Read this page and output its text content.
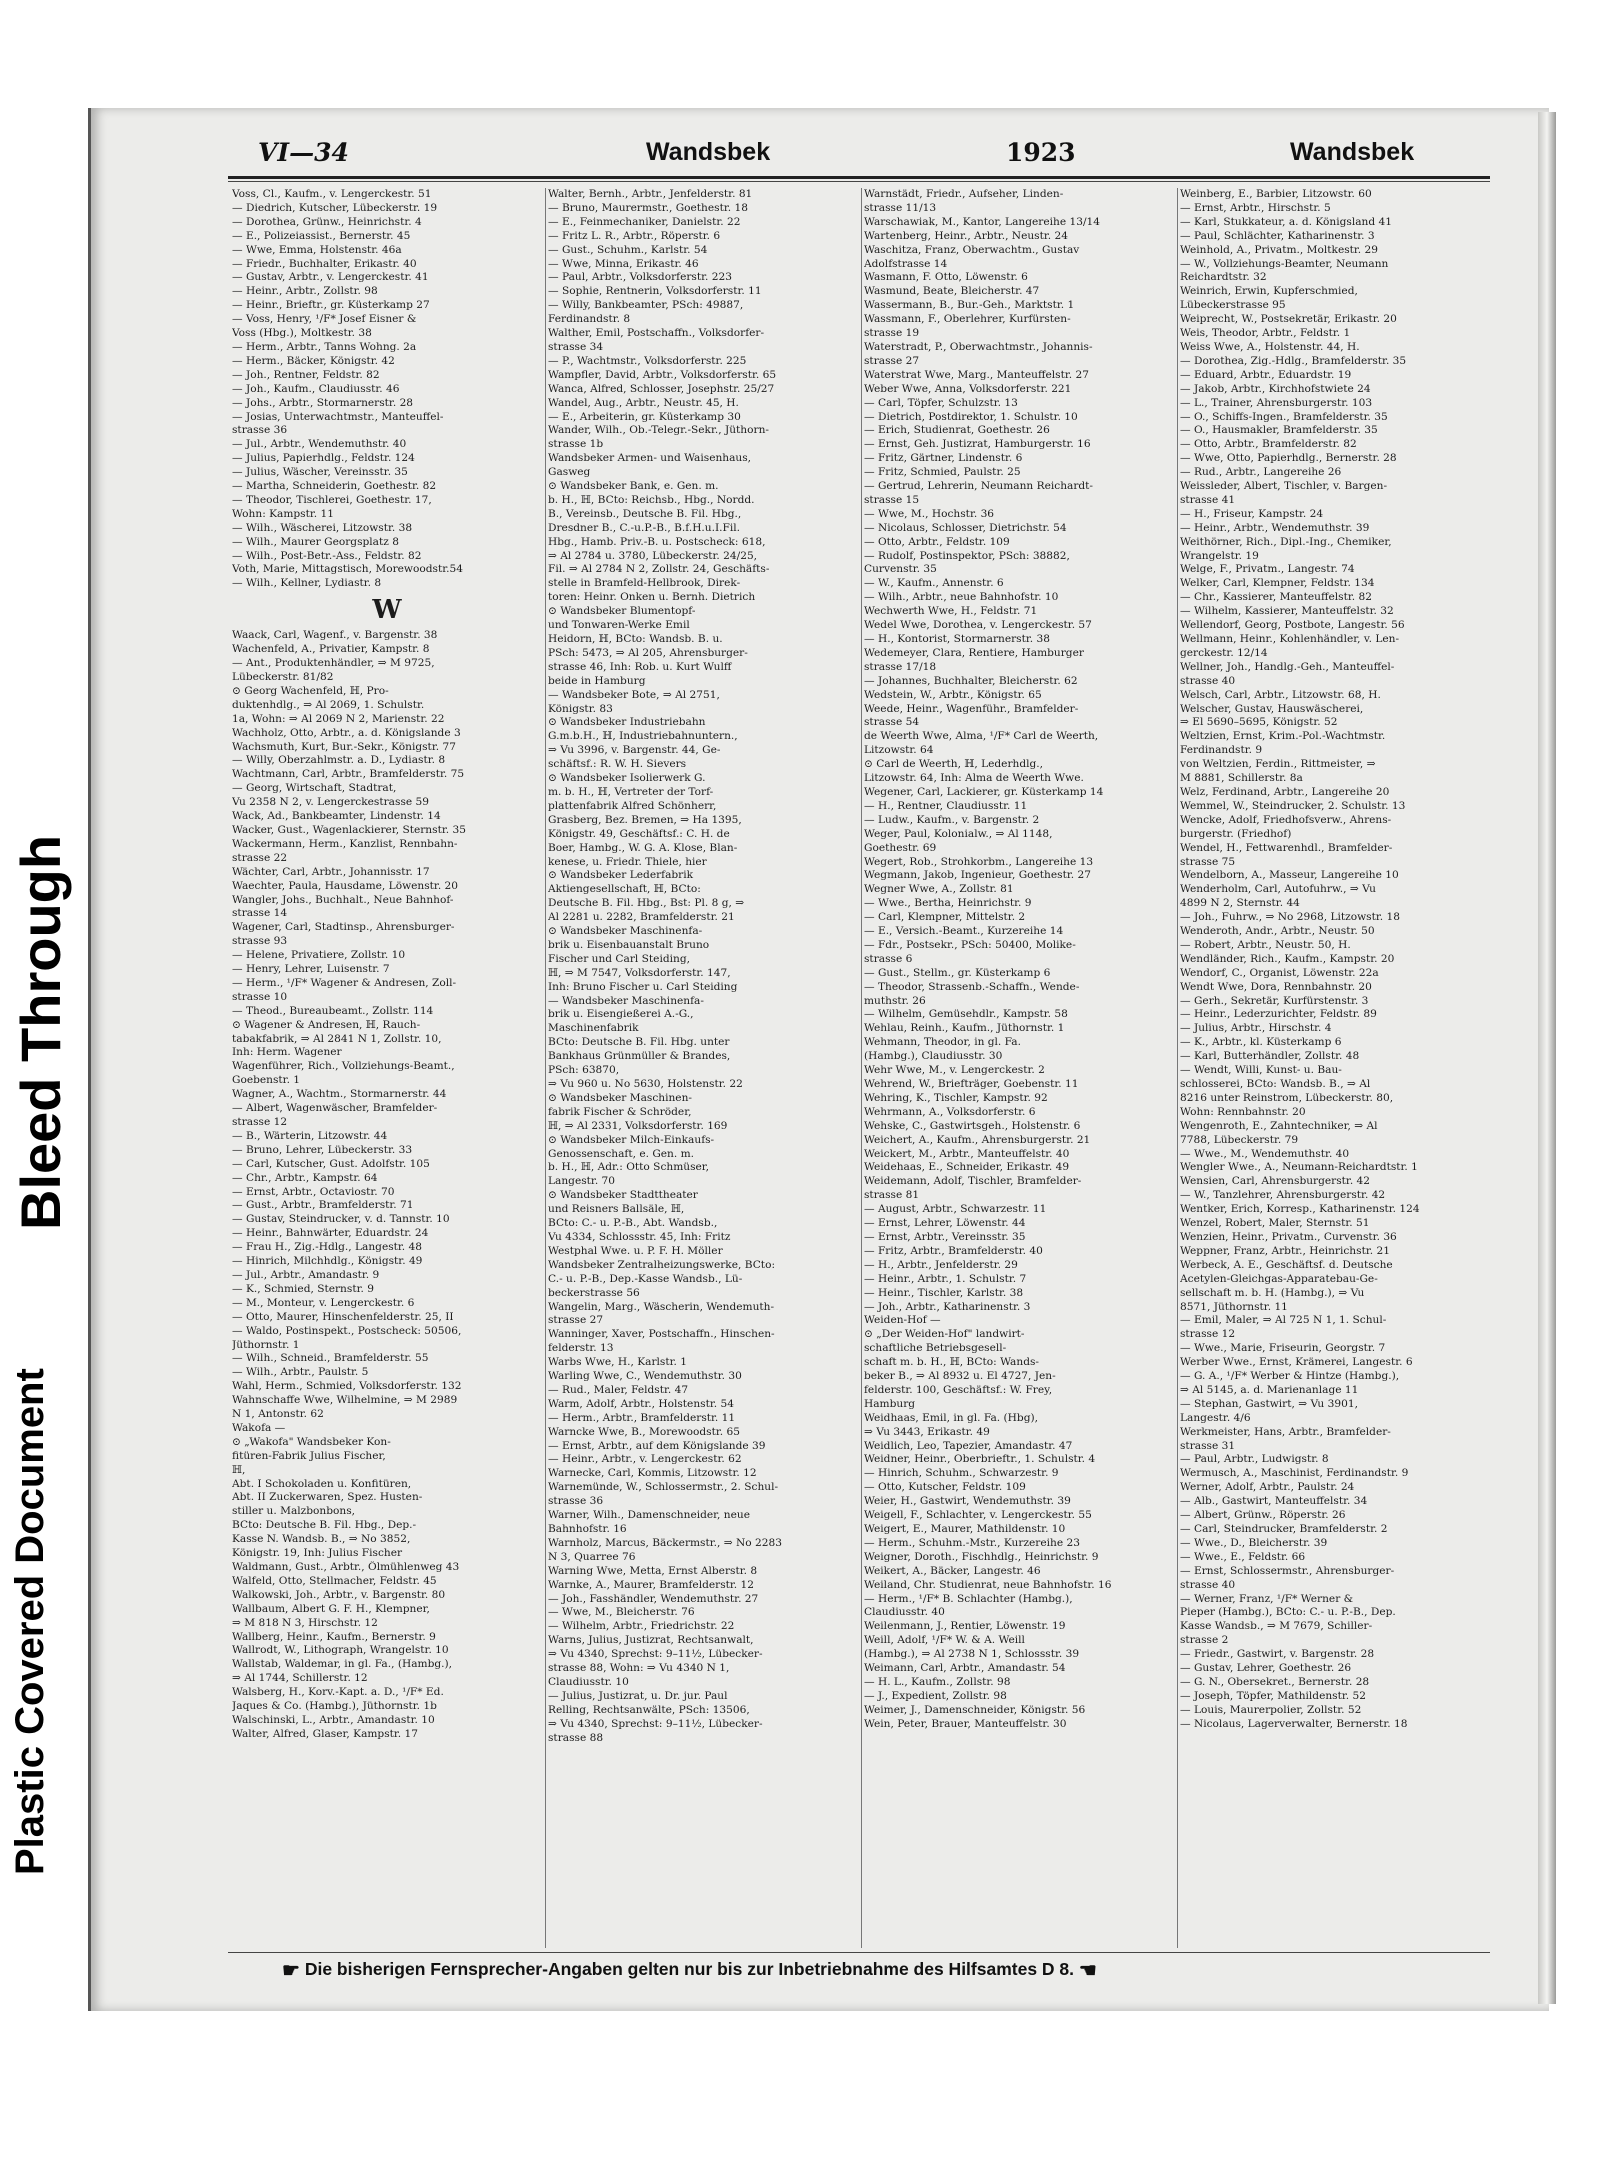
Bleed Through
Plastic Covered Document
VI—34	Wandsbek	1923	Wandsbek
Voss, Cl., Kaufm., v. Lengerckestr. 51
— Diedrich, Kutscher, Lübeckerstr. 19
— Dorothea, Grünw., Heinrichstr. 4
— E., Polizeiassist., Bernerstr. 45
— Wwe, Emma, Holstenstr. 46a
— Friedr., Buchhalter, Erikastr. 40
— Gustav, Arbtr., v. Lengerckestr. 41
— Heinr., Arbtr., Zollstr. 98
— Heinr., Brieftr., gr. Küsterkamp 27
— Voss, Henry, ¹/F* Josef Eisner &
Voss (Hbg.), Moltkestr. 38
— Herm., Arbtr., Tanns Wohng. 2a
— Herm., Bäcker, Königstr. 42
— Joh., Rentner, Feldstr. 82
— Joh., Kaufm., Claudiusstr. 46
— Johs., Arbtr., Stormarnerstr. 28
— Josias, Unterwachtmstr., Manteuffel-
strasse 36
— Jul., Arbtr., Wendemuthstr. 40
— Julius, Papierhdlg., Feldstr. 124
— Julius, Wäscher, Vereinsstr. 35
— Martha, Schneiderin, Goethestr. 82
— Theodor, Tischlerei, Goethestr. 17,
Wohn: Kampstr. 11
— Wilh., Wäscherei, Litzowstr. 38
— Wilh., Maurer Georgsplatz 8
— Wilh., Post-Betr.-Ass., Feldstr. 82
Voth, Marie, Mittagstisch, Morewoodstr.54
— Wilh., Kellner, Lydiastr. 8
W
Waack, Carl, Wagenf., v. Bargenstr. 38
Wachenfeld, A., Privatier, Kampstr. 8
— Ant., Produktenhändler, ⇒ M 9725,
Lübeckerstr. 81/82
⊙ Georg Wachenfeld, ℍ, Pro-
duktenhdlg., ⇒ Al 2069, 1. Schulstr.
1a, Wohn: ⇒ Al 2069 N 2, Marienstr. 22
Wachholz, Otto, Arbtr., a. d. Königslande 3
Wachsmuth, Kurt, Bur.-Sekr., Königstr. 77
— Willy, Oberzahlmstr. a. D., Lydiastr. 8
Wachtmann, Carl, Arbtr., Bramfelderstr. 75
— Georg, Wirtschaft, Stadtrat,
Vu 2358 N 2, v. Lengerckestrasse 59
Wack, Ad., Bankbeamter, Lindenstr. 14
Wacker, Gust., Wagenlackierer, Sternstr. 35
Wackermann, Herm., Kanzlist, Rennbahn-
strasse 22
Wächter, Carl, Arbtr., Johannisstr. 17
Waechter, Paula, Hausdame, Löwenstr. 20
Wangler, Johs., Buchhalt., Neue Bahnhof-
strasse 14
Wagener, Carl, Stadtinsp., Ahrensburger-
strasse 93
— Helene, Privatiere, Zollstr. 10
— Henry, Lehrer, Luisenstr. 7
— Herm., ¹/F* Wagener & Andresen, Zoll-
strasse 10
— Theod., Bureaubeamt., Zollstr. 114
⊙ Wagener & Andresen, ℍ, Rauch-
tabakfabrik, ⇒ Al 2841 N 1, Zollstr. 10,
Inh: Herm. Wagener
Wagenführer, Rich., Vollziehungs-Beamt.,
Goebenstr. 1
Wagner, A., Wachtm., Stormarnerstr. 44
— Albert, Wagenwäscher, Bramfelder-
strasse 12
— B., Wärterin, Litzowstr. 44
— Bruno, Lehrer, Lübeckerstr. 33
— Carl, Kutscher, Gust. Adolfstr. 105
— Chr., Arbtr., Kampstr. 64
— Ernst, Arbtr., Octaviostr. 70
— Gust., Arbtr., Bramfelderstr. 71
— Gustav, Steindrucker, v. d. Tannstr. 10
— Heinr., Bahnwärter, Eduardstr. 24
— Frau H., Zig.-Hdlg., Langestr. 48
— Hinrich, Milchhdlg., Königstr. 49
— Jul., Arbtr., Amandastr. 9
— K., Schmied, Sternstr. 9
— M., Monteur, v. Lengerckestr. 6
— Otto, Maurer, Hinschenfelderstr. 25, II
— Waldo, Postinspekt., Postscheck: 50506,
Jüthornstr. 1
— Wilh., Schneid., Bramfelderstr. 55
— Wilh., Arbtr., Paulstr. 5
Wahl, Herm., Schmied, Volksdorferstr. 132
Wahnschaffe Wwe, Wilhelmine, ⇒ M 2989
N 1, Antonstr. 62
Wakofa —
⊙ „Wakofa" Wandsbeker Kon-
fitüren-Fabrik Julius Fischer,
ℍ,
Abt. I Schokoladen u. Konfitüren,
Abt. II Zuckerwaren, Spez. Husten-
stiller u. Malzbonbons,
BCto: Deutsche B. Fil. Hbg., Dep.-
Kasse N. Wandsb. B., ⇒ No 3852,
Königstr. 19, Inh: Julius Fischer
Waldmann, Gust., Arbtr., Ölmühlenweg 43
Walfeld, Otto, Stellmacher, Feldstr. 45
Walkowski, Joh., Arbtr., v. Bargenstr. 80
Wallbaum, Albert G. F. H., Klempner,
⇒ M 818 N 3, Hirschstr. 12
Wallberg, Heinr., Kaufm., Bernerstr. 9
Wallrodt, W., Lithograph, Wrangelstr. 10
Wallstab, Waldemar, in gl. Fa., (Hambg.),
⇒ Al 1744, Schillerstr. 12
Walsberg, H., Korv.-Kapt. a. D., ¹/F* Ed.
Jaques & Co. (Hambg.), Jüthornstr. 1b
Walschinski, L., Arbtr., Amandastr. 10
Walter, Alfred, Glaser, Kampstr. 17
Walter, Bernh., Arbtr., Jenfelderstr. 81
— Bruno, Maurermstr., Goethestr. 18
— E., Feinmechaniker, Danielstr. 22
— Fritz L. R., Arbtr., Röperstr. 6
— Gust., Schuhm., Karlstr. 54
— Wwe, Minna, Erikastr. 46
— Paul, Arbtr., Volksdorferstr. 223
— Sophie, Rentnerin, Volksdorferstr. 11
— Willy, Bankbeamter, PSch: 49887,
Ferdinandstr. 8
Walther, Emil, Postschaffn., Volksdorfer-
strasse 34
— P., Wachtmstr., Volksdorferstr. 225
Wampfler, David, Arbtr., Volksdorferstr. 65
Wanca, Alfred, Schlosser, Josephstr. 25/27
Wandel, Aug., Arbtr., Neustr. 45, H.
— E., Arbeiterin, gr. Küsterkamp 30
Wander, Wilh., Ob.-Telegr.-Sekr., Jüthorn-
strasse 1b
Wandsbeker Armen- und Waisenhaus,
Gasweg
⊙ Wandsbeker Bank, e. Gen. m.
b. H., ℍ, BCto: Reichsb., Hbg., Nordd.
B., Vereinsb., Deutsche B. Fil. Hbg.,
Dresdner B., C.-u.P.-B., B.f.H.u.I.Fil.
Hbg., Hamb. Priv.-B. u. Postscheck: 618,
⇒ Al 2784 u. 3780, Lübeckerstr. 24/25,
Fil. ⇒ Al 2784 N 2, Zollstr. 24, Geschäfts-
stelle in Bramfeld-Hellbrook, Direk-
toren: Heinr. Onken u. Bernh. Dietrich
⊙ Wandsbeker Blumentopf-
und Tonwaren-Werke Emil
Heidorn, ℍ, BCto: Wandsb. B. u.
PSch: 5473, ⇒ Al 205, Ahrensburger-
strasse 46, Inh: Rob. u. Kurt Wulff
beide in Hamburg
— Wandsbeker Bote, ⇒ Al 2751,
Königstr. 83
⊙ Wandsbeker Industriebahn
G.m.b.H., ℍ, Industriebahnuntern.,
⇒ Vu 3996, v. Bargenstr. 44, Ge-
schäftsf.: R. W. H. Sievers
⊙ Wandsbeker Isolierwerk G.
m. b. H., ℍ, Vertreter der Torf-
plattenfabrik Alfred Schönherr,
Grasberg, Bez. Bremen, ⇒ Ha 1395,
Königstr. 49, Geschäftsf.: C. H. de
Boer, Hambg., W. G. A. Klose, Blan-
kenese, u. Friedr. Thiele, hier
⊙ Wandsbeker Lederfabrik
Aktiengesellschaft, ℍ, BCto:
Deutsche B. Fil. Hbg., Bst: Pl. 8 g, ⇒
Al 2281 u. 2282, Bramfelderstr. 21
⊙ Wandsbeker Maschinenfa-
brik u. Eisenbauanstalt Bruno
Fischer und Carl Steiding,
ℍ, ⇒ M 7547, Volksdorferstr. 147,
Inh: Bruno Fischer u. Carl Steiding
— Wandsbeker Maschinenfa-
brik u. Eisengießerei A.-G.,
Maschinenfabrik
BCto: Deutsche B. Fil. Hbg. unter
Bankhaus Grünmüller & Brandes,
PSch: 63870,
⇒ Vu 960 u. No 5630, Holstenstr. 22
⊙ Wandsbeker Maschinen-
fabrik Fischer & Schröder,
ℍ, ⇒ Al 2331, Volksdorferstr. 169
⊙ Wandsbeker Milch-Einkaufs-
Genossenschaft, e. Gen. m.
b. H., ℍ, Adr.: Otto Schmüser,
Langestr. 70
⊙ Wandsbeker Stadttheater
und Reisners Ballsäle, ℍ,
BCto: C.- u. P.-B., Abt. Wandsb.,
Vu 4334, Schlossstr. 45, Inh: Fritz
Westphal Wwe. u. P. F. H. Möller
Wandsbeker Zentralheizungswerke, BCto:
C.- u. P.-B., Dep.-Kasse Wandsb., Lü-
beckerstrasse 56
Wangelin, Marg., Wäscherin, Wendemuth-
strasse 27
Wanninger, Xaver, Postschaffn., Hinschen-
felderstr. 13
Warbs Wwe, H., Karlstr. 1
Warling Wwe, C., Wendemuthstr. 30
— Rud., Maler, Feldstr. 47
Warm, Adolf, Arbtr., Holstenstr. 54
— Herm., Arbtr., Bramfelderstr. 11
Warncke Wwe, B., Morewoodstr. 65
— Ernst, Arbtr., auf dem Königslande 39
— Heinr., Arbtr., v. Lengerckestr. 62
Warnecke, Carl, Kommis, Litzowstr. 12
Warnemünde, W., Schlossermstr., 2. Schul-
strasse 36
Warner, Wilh., Damenschneider, neue
Bahnhofstr. 16
Warnholz, Marcus, Bäckermstr., ⇒ No 2283
N 3, Quarree 76
Warning Wwe, Metta, Ernst Alberstr. 8
Warnke, A., Maurer, Bramfelderstr. 12
— Joh., Fasshändler, Wendemuthstr. 27
— Wwe, M., Bleicherstr. 76
— Wilhelm, Arbtr., Friedrichstr. 22
Warns, Julius, Justizrat, Rechtsanwalt,
⇒ Vu 4340, Sprechst: 9–11½, Lübecker-
strasse 88, Wohn: ⇒ Vu 4340 N 1,
Claudiusstr. 10
— Julius, Justizrat, u. Dr. jur. Paul
Relling, Rechtsanwälte, PSch: 13506,
⇒ Vu 4340, Sprechst: 9–11½, Lübecker-
strasse 88
Warnstädt, Friedr., Aufseher, Linden-
strasse 11/13
Warschawiak, M., Kantor, Langereihe 13/14
Wartenberg, Heinr., Arbtr., Neustr. 24
Waschitza, Franz, Oberwachtm., Gustav
Adolfstrasse 14
Wasmann, F. Otto, Löwenstr. 6
Wasmund, Beate, Bleicherstr. 47
Wassermann, B., Bur.-Geh., Marktstr. 1
Wassmann, F., Oberlehrer, Kurfürsten-
strasse 19
Waterstradt, P., Oberwachtmstr., Johannis-
strasse 27
Waterstrat Wwe, Marg., Manteuffelstr. 27
Weber Wwe, Anna, Volksdorferstr. 221
— Carl, Töpfer, Schulzstr. 13
— Dietrich, Postdirektor, 1. Schulstr. 10
— Erich, Studienrat, Goethestr. 26
— Ernst, Geh. Justizrat, Hamburgerstr. 16
— Fritz, Gärtner, Lindenstr. 6
— Fritz, Schmied, Paulstr. 25
— Gertrud, Lehrerin, Neumann Reichardt-
strasse 15
— Wwe, M., Hochstr. 36
— Nicolaus, Schlosser, Dietrichstr. 54
— Otto, Arbtr., Feldstr. 109
— Rudolf, Postinspektor, PSch: 38882,
Curvenstr. 35
— W., Kaufm., Annenstr. 6
— Wilh., Arbtr., neue Bahnhofstr. 10
Wechwerth Wwe, H., Feldstr. 71
Wedel Wwe, Dorothea, v. Lengerckestr. 57
— H., Kontorist, Stormarnerstr. 38
Wedemeyer, Clara, Rentiere, Hamburger
strasse 17/18
— Johannes, Buchhalter, Bleicherstr. 62
Wedstein, W., Arbtr., Königstr. 65
Weede, Heinr., Wagenführ., Bramfelder-
strasse 54
de Weerth Wwe, Alma, ¹/F* Carl de Weerth,
Litzowstr. 64
⊙ Carl de Weerth, ℍ, Lederhdlg.,
Litzowstr. 64, Inh: Alma de Weerth Wwe.
Wegener, Carl, Lackierer, gr. Küsterkamp 14
— H., Rentner, Claudiusstr. 11
— Ludw., Kaufm., v. Bargenstr. 2
Weger, Paul, Kolonialw., ⇒ Al 1148,
Goethestr. 69
Wegert, Rob., Strohkorbm., Langereihe 13
Wegmann, Jakob, Ingenieur, Goethestr. 27
Wegner Wwe, A., Zollstr. 81
— Wwe., Bertha, Heinrichstr. 9
— Carl, Klempner, Mittelstr. 2
— E., Versich.-Beamt., Kurzereihe 14
— Fdr., Postsekr., PSch: 50400, Molike-
strasse 6
— Gust., Stellm., gr. Küsterkamp 6
— Theodor, Strassenb.-Schaffn., Wende-
muthstr. 26
— Wilhelm, Gemüsehdlr., Kampstr. 58
Wehlau, Reinh., Kaufm., Jüthornstr. 1
Wehmann, Theodor, in gl. Fa.
(Hambg.), Claudiusstr. 30
Wehr Wwe, M., v. Lengerckestr. 2
Wehrend, W., Briefträger, Goebenstr. 11
Wehring, K., Tischler, Kampstr. 92
Wehrmann, A., Volksdorferstr. 6
Wehske, C., Gastwirtsgeh., Holstenstr. 6
Weichert, A., Kaufm., Ahrensburgerstr. 21
Weickert, M., Arbtr., Manteuffelstr. 40
Weidehaas, E., Schneider, Erikastr. 49
Weidemann, Adolf, Tischler, Bramfelder-
strasse 81
— August, Arbtr., Schwarzestr. 11
— Ernst, Lehrer, Löwenstr. 44
— Ernst, Arbtr., Vereinsstr. 35
— Fritz, Arbtr., Bramfelderstr. 40
— H., Arbtr., Jenfelderstr. 29
— Heinr., Arbtr., 1. Schulstr. 7
— Heinr., Tischler, Karlstr. 38
— Joh., Arbtr., Katharinenstr. 3
Weiden-Hof —
⊙ „Der Weiden-Hof" landwirt-
schaftliche Betriebsgesell-
schaft m. b. H., ℍ, BCto: Wands-
beker B., ⇒ Al 8932 u. El 4727, Jen-
felderstr. 100, Geschäftsf.: W. Frey,
Hamburg
Weidhaas, Emil, in gl. Fa. (Hbg),
⇒ Vu 3443, Erikastr. 49
Weidlich, Leo, Tapezier, Amandastr. 47
Weidner, Heinr., Oberbrieftr., 1. Schulstr. 4
— Hinrich, Schuhm., Schwarzestr. 9
— Otto, Kutscher, Feldstr. 109
Weier, H., Gastwirt, Wendemuthstr. 39
Weigell, F., Schlachter, v. Lengerckestr. 55
Weigert, E., Maurer, Mathildenstr. 10
— Herm., Schuhm.-Mstr., Kurzereihe 23
Weigner, Doroth., Fischhdlg., Heinrichstr. 9
Weikert, A., Bäcker, Langestr. 46
Weiland, Chr. Studienrat, neue Bahnhofstr. 16
— Herm., ¹/F* B. Schlachter (Hambg.),
Claudiusstr. 40
Weilenmann, J., Rentier, Löwenstr. 19
Weill, Adolf, ¹/F* W. & A. Weill
(Hambg.), ⇒ Al 2738 N 1, Schlossstr. 39
Weimann, Carl, Arbtr., Amandastr. 54
— H. L., Kaufm., Zollstr. 98
— J., Expedient, Zollstr. 98
Weimer, J., Damenschneider, Königstr. 56
Wein, Peter, Brauer, Manteuffelstr. 30
Weinberg, E., Barbier, Litzowstr. 60
— Ernst, Arbtr., Hirschstr. 5
— Karl, Stukkateur, a. d. Königsland 41
— Paul, Schlächter, Katharinenstr. 3
Weinhold, A., Privatm., Moltkestr. 29
— W., Vollziehungs-Beamter, Neumann
Reichardtstr. 32
Weinrich, Erwin, Kupferschmied,
Lübeckerstrasse 95
Weiprecht, W., Postsekretär, Erikastr. 20
Weis, Theodor, Arbtr., Feldstr. 1
Weiss Wwe, A., Holstenstr. 44, H.
— Dorothea, Zig.-Hdlg., Bramfelderstr. 35
— Eduard, Arbtr., Eduardstr. 19
— Jakob, Arbtr., Kirchhofstwiete 24
— L., Trainer, Ahrensburgerstr. 103
— O., Schiffs-Ingen., Bramfelderstr. 35
— O., Hausmakler, Bramfelderstr. 35
— Otto, Arbtr., Bramfelderstr. 82
— Wwe, Otto, Papierhdlg., Bernerstr. 28
— Rud., Arbtr., Langereihe 26
Weissleder, Albert, Tischler, v. Bargen-
strasse 41
— H., Friseur, Kampstr. 24
— Heinr., Arbtr., Wendemuthstr. 39
Weithörner, Rich., Dipl.-Ing., Chemiker,
Wrangelstr. 19
Welge, F., Privatm., Langestr. 74
Welker, Carl, Klempner, Feldstr. 134
— Chr., Kassierer, Manteuffelstr. 82
— Wilhelm, Kassierer, Manteuffelstr. 32
Wellendorf, Georg, Postbote, Langestr. 56
Wellmann, Heinr., Kohlenhändler, v. Len-
gerckestr. 12/14
Wellner, Joh., Handlg.-Geh., Manteuffel-
strasse 40
Welsch, Carl, Arbtr., Litzowstr. 68, H.
Welscher, Gustav, Hauswäscherei,
⇒ El 5690–5695, Königstr. 52
Weltzien, Ernst, Krim.-Pol.-Wachtmstr.
Ferdinandstr. 9
von Weltzien, Ferdin., Rittmeister, ⇒
M 8881, Schillerstr. 8a
Welz, Ferdinand, Arbtr., Langereihe 20
Wemmel, W., Steindrucker, 2. Schulstr. 13
Wencke, Adolf, Friedhofsverw., Ahrens-
burgerstr. (Friedhof)
Wendel, H., Fettwarenhdl., Bramfelder-
strasse 75
Wendelborn, A., Masseur, Langereihe 10
Wenderholm, Carl, Autofuhrw., ⇒ Vu
4899 N 2, Sternstr. 44
— Joh., Fuhrw., ⇒ No 2968, Litzowstr. 18
Wenderoth, Andr., Arbtr., Neustr. 50
— Robert, Arbtr., Neustr. 50, H.
Wendländer, Rich., Kaufm., Kampstr. 20
Wendorf, C., Organist, Löwenstr. 22a
Wendt Wwe, Dora, Rennbahnstr. 20
— Gerh., Sekretär, Kurfürstenstr. 3
— Heinr., Lederzurichter, Feldstr. 89
— Julius, Arbtr., Hirschstr. 4
— K., Arbtr., kl. Küsterkamp 6
— Karl, Butterhändler, Zollstr. 48
— Wendt, Willi, Kunst- u. Bau-
schlosserei, BCto: Wandsb. B., ⇒ Al
8216 unter Reinstrom, Lübeckerstr. 80,
Wohn: Rennbahnstr. 20
Wengenroth, E., Zahntechniker, ⇒ Al
7788, Lübeckerstr. 79
— Wwe., M., Wendemuthstr. 40
Wengler Wwe., A., Neumann-Reichardtstr. 1
Wensien, Carl, Ahrensburgerstr. 42
— W., Tanzlehrer, Ahrensburgerstr. 42
Wentker, Erich, Korresp., Katharinenstr. 124
Wenzel, Robert, Maler, Sternstr. 51
Wenzien, Heinr., Privatm., Curvenstr. 36
Weppner, Franz, Arbtr., Heinrichstr. 21
Werbeck, A. E., Geschäftsf. d. Deutsche
Acetylen-Gleichgas-Apparatebau-Ge-
sellschaft m. b. H. (Hambg.), ⇒ Vu
8571, Jüthornstr. 11
— Emil, Maler, ⇒ Al 725 N 1, 1. Schul-
strasse 12
— Wwe., Marie, Friseurin, Georgstr. 7
Werber Wwe., Ernst, Krämerei, Langestr. 6
— G. A., ¹/F* Werber & Hintze (Hambg.),
⇒ Al 5145, a. d. Marienanlage 11
— Stephan, Gastwirt, ⇒ Vu 3901,
Langestr. 4/6
Werkmeister, Hans, Arbtr., Bramfelder-
strasse 31
— Paul, Arbtr., Ludwigstr. 8
Wermusch, A., Maschinist, Ferdinandstr. 9
Werner, Adolf, Arbtr., Paulstr. 24
— Alb., Gastwirt, Manteuffelstr. 34
— Albert, Grünw., Röperstr. 26
— Carl, Steindrucker, Bramfelderstr. 2
— Wwe., D., Bleicherstr. 39
— Wwe., E., Feldstr. 66
— Ernst, Schlossermstr., Ahrensburger-
strasse 40
— Werner, Franz, ¹/F* Werner &
Pieper (Hambg.), BCto: C.- u. P.-B., Dep.
Kasse Wandsb., ⇒ M 7679, Schiller-
strasse 2
— Friedr., Gastwirt, v. Bargenstr. 28
— Gustav, Lehrer, Goethestr. 26
— G. N., Obersekret., Bernerstr. 28
— Joseph, Töpfer, Mathildenstr. 52
— Louis, Maurerpolier, Zollstr. 52
— Nicolaus, Lagerverwalter, Bernerstr. 18
☛ Die bisherigen Fernsprecher-Angaben gelten nur bis zur Inbetriebnahme des Hilfsamtes D 8. ☚
